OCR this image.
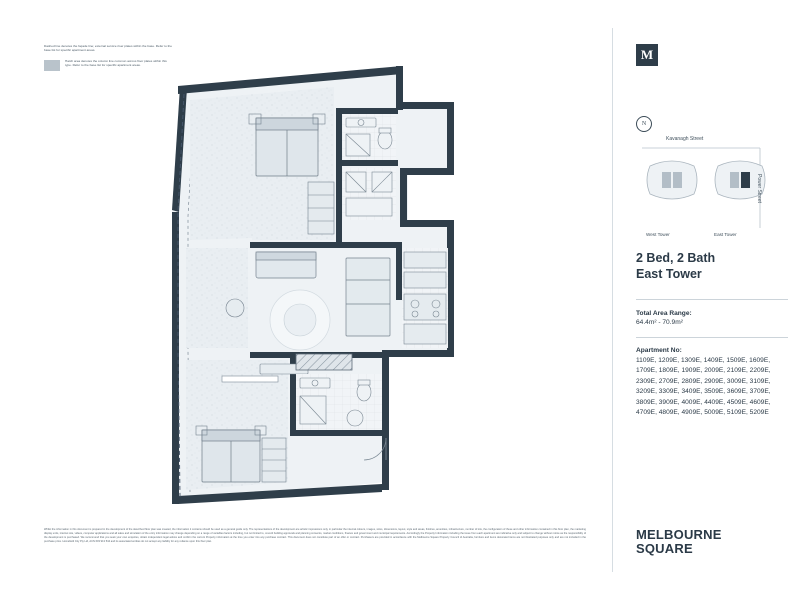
Dashed line denotes the façade line; external service riser plates within the base. Refer to the base list for specific apartment areas.

Hatch area denotes the column line common across floor plates within this type. Refer to the base list for specific apartment areas.
Whilst the information in this document is prepared in the development of the described floor plan was created, the information it contains should be used as a general guide only. The representations of the development are artistic impressions only, in particular the internal colours, images, sizes, dimensions, layout, style and areas, finishes, amenities, infrastructure, number of lots, the configuration of these and other information contained in this floor plan, the marketing display units, internet site, videos, computer applications and all sales and simulation of the entry information may change depending on a range of variables factors including, but not limited to, council building approvals and planning consents, market conditions, finance and government and municipal requirements. Accordingly the Property Information including the issue from each apartment are indicative only and subject to change without notice as the responsibility of the development is purchased. We recommend that you seek your own enquiries, obtain independent legal advice and confirm the current Property information at the time you enter into any purchase contract. This document does not constitute part of an offer or contract. Purchasers are provided in accordance with the Melbourne Square Property Council of Australia, furniture and items decorated items are not illustrated purposes only and are not included in the purchase price. Homefield City Pty Ltd, ACN 603 913 544 and its associated entities do not accept any liability for any reliance upon this floor plan.
M
N
Kavanagh Street
Power Street
West Tower	East Tower
2 Bed, 2 Bath
East Tower

Total Area Range:

64.4m² - 70.9m²

Apartment No:

1109E, 1209E, 1309E, 1409E, 1509E, 1609E, 1709E, 1809E, 1909E, 2009E, 2109E, 2209E, 2309E, 2709E, 2809E, 2909E, 3009E, 3109E, 3209E, 3309E, 3409E, 3509E, 3609E, 3709E, 3809E, 3909E, 4009E, 4409E, 4509E, 4609E, 4709E, 4809E, 4909E, 5009E, 5109E, 5209E

MELBOURNE
SQUARE
